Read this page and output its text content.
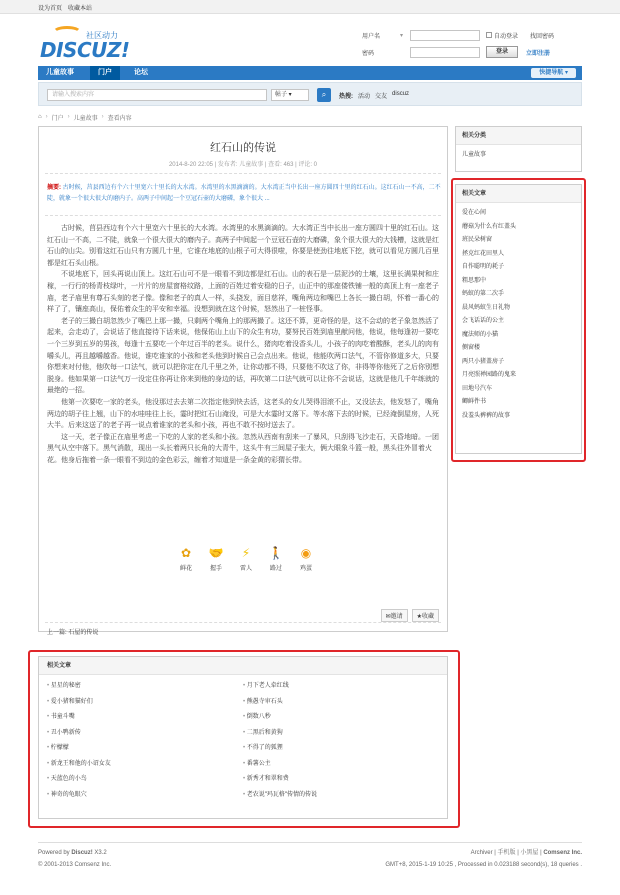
设为首页 收藏本站
社区动力
DISCUZ!
用户名	▾	自动登录 找回密码
密码	登录	立即注册
儿童故事	门户	论坛	快捷导航 ▾
请输入搜索内容	帖子 ▾	⌕	热搜: 活动 交友 discuz
⌂ › 门户 › 儿童故事 › 查看内容
红石山的传说
2014-8-20 22:05 | 发布者: 儿童故事 | 查看: 463 | 评论: 0
摘要: 古时候，莒县西边有个六十里宽六十里长的大水湾。水湾里的水黑滴滴的。大水湾正当中长出一座方圆四十里的红石山。这红石山一不高，二不陡，就象一个很大很大的磨内子。高两子中间起一个豆冠石壶的大磨磷，象个很大 ...

古时候，莒县西边有个六十里宽六十里长的大水湾。水湾里的水黑滴滴的。大水湾正当中长出一座方圆四十里的红石山。这红石山一不高，二不陡，就象一个很大很大的磨内子。高两子中间起一个豆冠石壶的大磨磷，象个很大很大的大钱槽，这就是红石山的山尖。别看这红石山只有方圆几十里，它谁在地底的山根子可大得很啦，你要是使劲往地底下挖，就可以看见方圆几百里都是红石头山根。

不说地底下，回头再说山顶上。这红石山可不是一眼看不到边都是红石山。山的表石是一层泥沙的土壤，这里长满果树和庄稼，一行行的杨青枝绿叶，一片片的房屋窗格纹路，上面的百姓过着安稳的日子，山正中的那座偻铁铺一般的高顶上有一座老子庙，老子庙里有尊石头刻的老子像。像和老子的真人一样，头挠发，面目慈祥，嘴角两边和嘴巴上各长一撮白胡，怀着一番心的样了了，镶座高山，保佑着众生的平安和幸福。没想到就在这个时候，怒然出了一桩怪事。

老子的三撮白胡忽然少了嘴巴上那一撮，只剩两个嘴角上的那两撮了。这还不算，更奇怪的是，这不会动的老子象忽然活了起来，会走动了，会说话了他直接待下话来说，他保佑山上山下的众生有功，要努民百姓到庙里献问他，他说，他每逢初一要吃一个三岁到五岁的男孩，每逢十五要吃一个年过百半的老头。说什么，猪肉吃着没香头儿，小孩子的肉吃着酸酥，老头儿的肉有嚼头儿，再且越嚼越香。他说，谁吃谁家的小孩和老头他到时候自己会点出来。他说，他能吹两口法气，不管你修道多大，只要你想来对付他，他吹每一口法气，就可以把你定在几千里之外，让你动都不得，只要他不吹这了你，非得等你他死了之后你别想脱身。他如果第一口法气万一没定住你再让你来到他的身边的话，再吹第二口法气就可以让你不会说话，这就是他几千年练就的最绝的一招。

他第一次要吃一家的老头，他没那过去去第二次指定他到快去活，这老头的女儿哭得泪滚不止，又没法去，他发怒了，嘴角两边的胡子往上翘，山下的水哇哇往上长，霎时把红石山淹没，可是大水霎时又落下。等水落下去的时候，已经淹倒屋房，人死大半。后来这送了的老子再一说点着谁家的老头和小孩，再也不敢不按时送去了。

这一天，老子像正在庙里考虑一下吃的人家的老头和小孩。忽然从西南有刮来一了暴风，只刮得飞沙走石，天昏地暗。一团黑气从空中落下。黑气消散，现出一头长着两只长角的大青牛，这头牛有三间屋子张大，俩大眼象斗篮一般，黑头往外冒着火花。他身后拖着一条一眼看不到边的金色彩云，缠着才知道是一条金黄的彩猬长带。

✿
鲜花
🤝
握手
⚡
雷人
🚶
路过
◉
鸡蛋
✉邀请	★收藏
上一篇: 石屋的传说
相关分类
儿童故事
相关文章
爱在心间
蘑菇为什么有红盖头
班民朵树窗
拯克红花田里人
自作聪明的耗子
粗思那中
蚂蚁的第二次手
晨风蚂蚁生日礼物
会飞话话的公主
魔法师的小猫
侧窗楼
两只小猪盖房子
月亮照禅园路的鬼来
田地号汽车
鲫鲜件书
没羞头裤裤的故事
相关文章
• 星星的秘密	• 月下老人牵红线
• 爱小猪和猫好们	• 熊愚寺审石头
• 书童斗嘴	• 倒数八秒
• 丑小鸭新传	• 二黑后和黄狗
• 柠檬檬	• 不得了的狐狸
• 新龙王和他的小诏女友	• 番薯公主
• 天蓝色的小鸟	• 新秀才和翠和费
• 神奇的龟眼穴	• 老农说"玛瓦格"传情的传说
Powered by Discuz! X3.2
© 2001-2013 Comsenz Inc.
Archiver | 手机版 | 小黑屋 | Comsenz Inc.
GMT+8, 2015-1-19 10:25 , Processed in 0.023188 second(s), 18 queries .
